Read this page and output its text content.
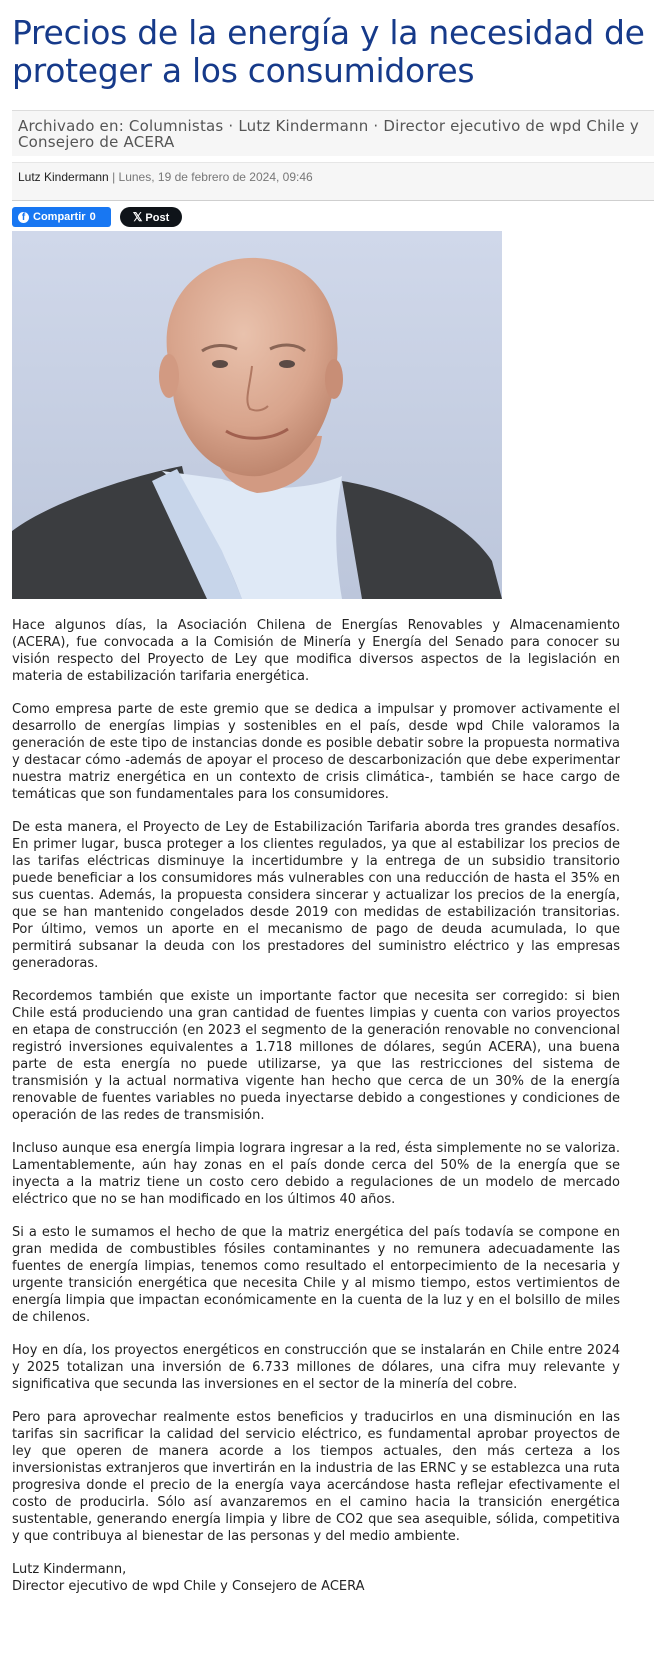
Precios de la energía y la necesidad de proteger a los consumidores
Archivado en: Columnistas · Lutz Kindermann · Director ejecutivo de wpd Chile y Consejero de ACERA
Lutz Kindermann | Lunes, 19 de febrero de 2024, 09:46
f Compartir 0	𝕏 Post

Hace algunos días, la Asociación Chilena de Energías Renovables y Almacenamiento (ACERA), fue convocada a la Comisión de Minería y Energía del Senado para conocer su visión respecto del Proyecto de Ley que modifica diversos aspectos de la legislación en materia de estabilización tarifaria energética.

Como empresa parte de este gremio que se dedica a impulsar y promover activamente el desarrollo de energías limpias y sostenibles en el país, desde wpd Chile valoramos la generación de este tipo de instancias donde es posible debatir sobre la propuesta normativa y destacar cómo -además de apoyar el proceso de descarbonización que debe experimentar nuestra matriz energética en un contexto de crisis climática-, también se hace cargo de temáticas que son fundamentales para los consumidores.

De esta manera, el Proyecto de Ley de Estabilización Tarifaria aborda tres grandes desafíos. En primer lugar, busca proteger a los clientes regulados, ya que al estabilizar los precios de las tarifas eléctricas disminuye la incertidumbre y la entrega de un subsidio transitorio puede beneficiar a los consumidores más vulnerables con una reducción de hasta el 35% en sus cuentas. Además, la propuesta considera sincerar y actualizar los precios de la energía, que se han mantenido congelados desde 2019 con medidas de estabilización transitorias. Por último, vemos un aporte en el mecanismo de pago de deuda acumulada, lo que permitirá subsanar la deuda con los prestadores del suministro eléctrico y las empresas generadoras.

Recordemos también que existe un importante factor que necesita ser corregido: si bien Chile está produciendo una gran cantidad de fuentes limpias y cuenta con varios proyectos en etapa de construcción (en 2023 el segmento de la generación renovable no convencional registró inversiones equivalentes a 1.718 millones de dólares, según ACERA), una buena parte de esta energía no puede utilizarse, ya que las restricciones del sistema de transmisión y la actual normativa vigente han hecho que cerca de un 30% de la energía renovable de fuentes variables no pueda inyectarse debido a congestiones y condiciones de operación de las redes de transmisión.

Incluso aunque esa energía limpia lograra ingresar a la red, ésta simplemente no se valoriza. Lamentablemente, aún hay zonas en el país donde cerca del 50% de la energía que se inyecta a la matriz tiene un costo cero debido a regulaciones de un modelo de mercado eléctrico que no se han modificado en los últimos 40 años.

Si a esto le sumamos el hecho de que la matriz energética del país todavía se compone en gran medida de combustibles fósiles contaminantes y no remunera adecuadamente las fuentes de energía limpias, tenemos como resultado el entorpecimiento de la necesaria y urgente transición energética que necesita Chile y al mismo tiempo, estos vertimientos de energía limpia que impactan económicamente en la cuenta de la luz y en el bolsillo de miles de chilenos.

Hoy en día, los proyectos energéticos en construcción que se instalarán en Chile entre 2024 y 2025 totalizan una inversión de 6.733 millones de dólares, una cifra muy relevante y significativa que secunda las inversiones en el sector de la minería del cobre.

Pero para aprovechar realmente estos beneficios y traducirlos en una disminución en las tarifas sin sacrificar la calidad del servicio eléctrico, es fundamental aprobar proyectos de ley que operen de manera acorde a los tiempos actuales, den más certeza a los inversionistas extranjeros que invertirán en la industria de las ERNC y se establezca una ruta progresiva donde el precio de la energía vaya acercándose hasta reflejar efectivamente el costo de producirla. Sólo así avanzaremos en el camino hacia la transición energética sustentable, generando energía limpia y libre de CO2 que sea asequible, sólida, competitiva y que contribuya al bienestar de las personas y del medio ambiente.

Lutz Kindermann,
Director ejecutivo de wpd Chile y Consejero de ACERA
